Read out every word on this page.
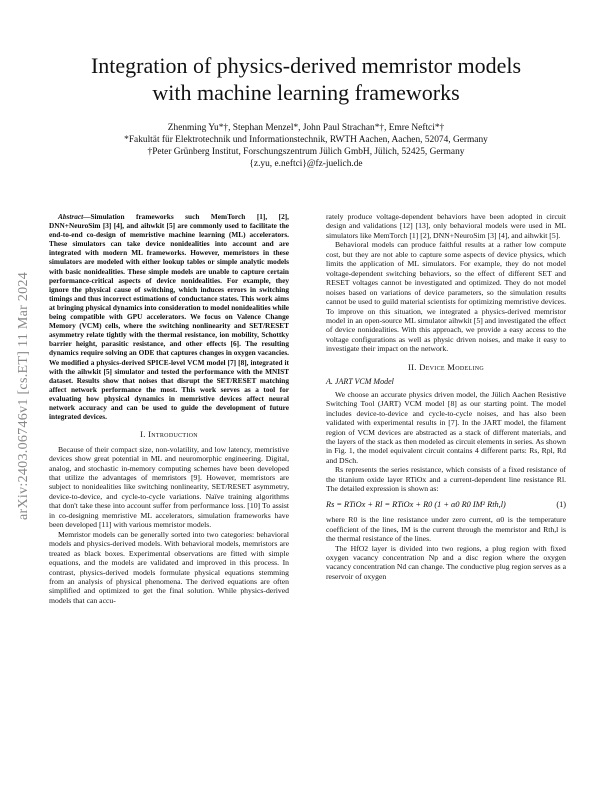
arXiv:2403.06746v1 [cs.ET] 11 Mar 2024
Integration of physics-derived memristor models
with machine learning frameworks
Zhenming Yu*†, Stephan Menzel*, John Paul Strachan*†, Emre Neftci*†
*Fakultät für Elektrotechnik und Informationstechnik, RWTH Aachen, Aachen, 52074, Germany
†Peter Grünberg Institut, Forschungszentrum Jülich GmbH, Jülich, 52425, Germany
{z.yu, e.neftci}@fz-juelich.de

Abstract—Simulation frameworks such MemTorch [1], [2], DNN+NeuroSim [3] [4], and aihwkit [5] are commonly used to facilitate the end-to-end co-design of memristive machine learning (ML) accelerators. These simulators can take device nonidealities into account and are integrated with modern ML frameworks. However, memristors in these simulators are modeled with either lookup tables or simple analytic models with basic nonidealities. These simple models are unable to capture certain performance-critical aspects of device nonidealities. For example, they ignore the physical cause of switching, which induces errors in switching timings and thus incorrect estimations of conductance states. This work aims at bringing physical dynamics into consideration to model nonidealities while being compatible with GPU accelerators. We focus on Valence Change Memory (VCM) cells, where the switching nonlinearity and SET/RESET asymmetry relate tightly with the thermal resistance, ion mobility, Schottky barrier height, parasitic resistance, and other effects [6]. The resulting dynamics require solving an ODE that captures changes in oxygen vacancies. We modified a physics-derived SPICE-level VCM model [7] [8], integrated it with the aihwkit [5] simulator and tested the performance with the MNIST dataset. Results show that noises that disrupt the SET/RESET matching affect network performance the most. This work serves as a tool for evaluating how physical dynamics in memristive devices affect neural network accuracy and can be used to guide the development of future integrated devices.

I. Introduction

Because of their compact size, non-volatility, and low latency, memristive devices show great potential in ML and neuromorphic engineering. Digital, analog, and stochastic in-memory computing schemes have been developed that utilize the advantages of memristors [9]. However, memristors are subject to nonidealities like switching nonlinearity, SET/RESET asymmetry, device-to-device, and cycle-to-cycle variations. Naïve training algorithms that don't take these into account suffer from performance loss. [10] To assist in co-designing memristive ML accelerators, simulation frameworks have been developed [11] with various memristor models.

Memristor models can be generally sorted into two categories: behavioral models and physics-derived models. With behavioral models, memristors are treated as black boxes. Experimental observations are fitted with simple equations, and the models are validated and improved in this process. In contrast, physics-derived models formulate physical equations stemming from an analysis of physical phenomena. The derived equations are often simplified and optimized to get the final solution. While physics-derived models that can accu-

rately produce voltage-dependent behaviors have been adopted in circuit design and validations [12] [13], only behavioral models were used in ML simulators like MemTorch [1] [2], DNN+NeuroSim [3] [4], and aihwkit [5].

Behavioral models can produce faithful results at a rather low compute cost, but they are not able to capture some aspects of device physics, which limits the application of ML simulators. For example, they do not model voltage-dependent switching behaviors, so the effect of different SET and RESET voltages cannot be investigated and optimized. They do not model noises based on variations of device parameters, so the simulation results cannot be used to guild material scientists for optimizing memristive devices. To improve on this situation, we integrated a physics-derived memristor model in an open-source ML simulator aihwkit [5] and investigated the effect of device nonidealities. With this approach, we provide a easy access to the voltage configurations as well as physic driven noises, and make it easy to investigate their impact on the network.

II. Device Modeling
A. JART VCM Model

We choose an accurate physics driven model, the Jülich Aachen Resistive Switching Tool (JART) VCM model [8] as our starting point. The model includes device-to-device and cycle-to-cycle noises, and has also been validated with experimental results in [7]. In the JART model, the filament region of VCM devices are abstracted as a stack of different materials, and the layers of the stack as then modeled as circuit elements in series. As shown in Fig. 1, the model equivalent circuit contains 4 different parts: Rs, Rpl, Rd and DSch.

Rs represents the series resistance, which consists of a fixed resistance of the titanium oxide layer RTiOx and a current-dependent line resistance Rl. The detailed expression is shown as:

Rs = RTiOx + Rl = RTiOx + R0 (1 + α0 R0 IM² Rth,l)	(1)

where R0 is the line resistance under zero current, α0 is the temperature coefficient of the lines, IM is the current through the memristor and Rth,l is the thermal resistance of the lines.

The HfO2 layer is divided into two regions, a plug region with fixed oxygen vacancy concentration Np and a disc region where the oxygen vacancy concentration Nd can change. The conductive plug region serves as a reservoir of oxygen
